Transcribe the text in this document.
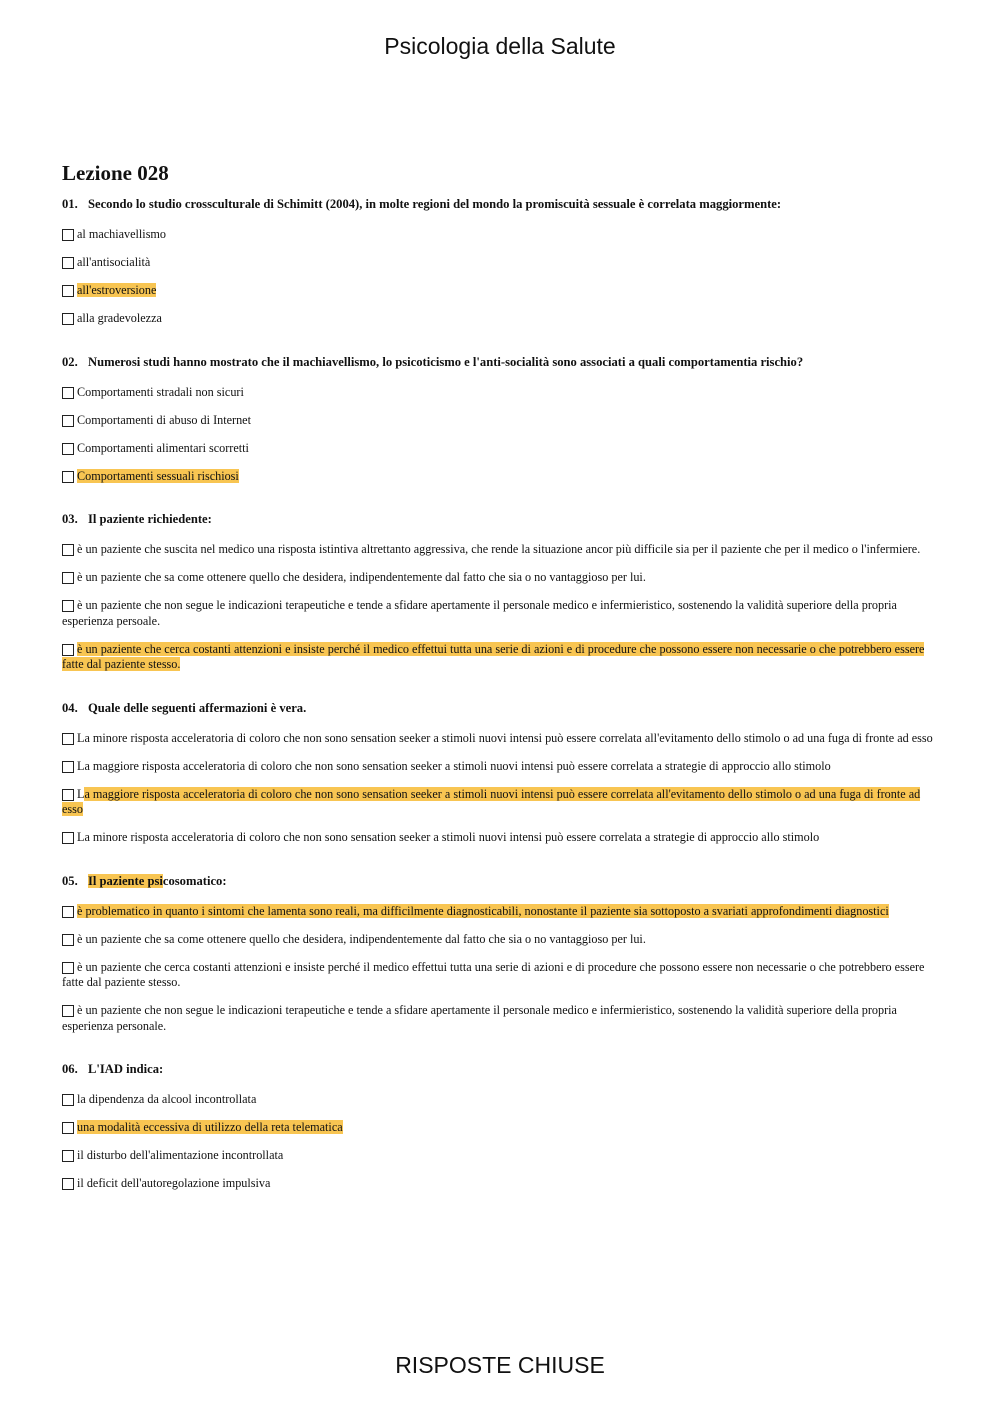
Psicologia della Salute
Lezione 028
01. Secondo lo studio crossculturale di Schimitt (2004), in molte regioni del mondo la promiscuità sessuale è correlata maggiormente:
al machiavellismo
all'antisocialità
all'estroversione
alla gradevolezza
02. Numerosi studi hanno mostrato che il machiavellismo, lo psicoticismo e l'anti-socialità sono associati a quali comportamentia rischio?
Comportamenti stradali non sicuri
Comportamenti di abuso di Internet
Comportamenti alimentari scorretti
Comportamenti sessuali rischiosi
03. Il paziente richiedente:
è un paziente che suscita nel medico una risposta istintiva altrettanto aggressiva, che rende la situazione ancor più difficile sia per il paziente che per il medico o l'infermiere.
è un paziente che sa come ottenere quello che desidera, indipendentemente dal fatto che sia o no vantaggioso per lui.
è un paziente che non segue le indicazioni terapeutiche e tende a sfidare apertamente il personale medico e infermieristico, sostenendo la validità superiore della propria esperienza persoale.
è un paziente che cerca costanti attenzioni e insiste perché il medico effettui tutta una serie di azioni e di procedure che possono essere non necessarie o che potrebbero essere fatte dal paziente stesso.
04. Quale delle seguenti affermazioni è vera.
La minore risposta acceleratoria di coloro che non sono sensation seeker a stimoli nuovi intensi può essere correlata all'evitamento dello stimolo o ad una fuga di fronte ad esso
La maggiore risposta acceleratoria di coloro che non sono sensation seeker a stimoli nuovi intensi può essere correlata a strategie di approccio allo stimolo
La maggiore risposta acceleratoria di coloro che non sono sensation seeker a stimoli nuovi intensi può essere correlata all'evitamento dello stimolo o ad una fuga di fronte ad esso
La minore risposta acceleratoria di coloro che non sono sensation seeker a stimoli nuovi intensi può essere correlata a strategie di approccio allo stimolo
05. Il paziente psicosomatico:
è problematico in quanto i sintomi che lamenta sono reali, ma difficilmente diagnosticabili, nonostante il paziente sia sottoposto a svariati approfondimenti diagnostici
è un paziente che sa come ottenere quello che desidera, indipendentemente dal fatto che sia o no vantaggioso per lui.
è un paziente che cerca costanti attenzioni e insiste perché il medico effettui tutta una serie di azioni e di procedure che possono essere non necessarie o che potrebbero essere fatte dal paziente stesso.
è un paziente che non segue le indicazioni terapeutiche e tende a sfidare apertamente il personale medico e infermieristico, sostenendo la validità superiore della propria esperienza personale.
06. L'IAD indica:
la dipendenza da alcool incontrollata
una modalità eccessiva di utilizzo della reta telematica
il disturbo dell'alimentazione incontrollata
il deficit dell'autoregolazione impulsiva
RISPOSTE CHIUSE
